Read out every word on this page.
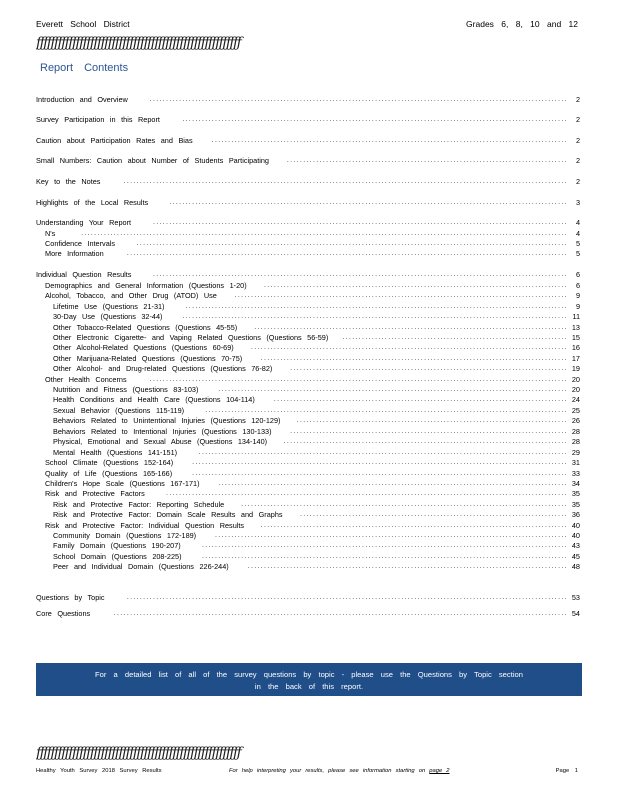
Everett School District	Grades 6, 8, 10 and 12
ƒƒƒƒƒƒƒƒƒƒƒƒƒƒƒƒƒƒƒƒƒƒƒƒƒƒƒƒƒƒƒƒƒƒƒƒƒƒƒƒƒƒƒƒƒƒƒƒƒƒƒƒƒƒƒƒƒ
Report Contents
Introduction and Overview	................................................................................................................................	2
Survey Participation in this Report	......................................................................................................................	2
Caution about Participation Rates and Bias	.............................................................................................................	2
Small Numbers: Caution about Number of Students Participating	......................................................................................	2
Key to the Notes	........................................................................................................................................	2
Highlights of the Local Results	..........................................................................................................................	3
Understanding Your Report	...............................................................................................................................	4
N's	.....................................................................................................................................................	4
Confidence Intervals	....................................................................................................................................	5
More Information	.......................................................................................................................................	5
Individual Question Results	...............................................................................................................................	6
Demographics and General Information (Questions 1-20)	.............................................................................................	6
Alcohol, Tobacco, and Other Drug (ATOD) Use	......................................................................................................	9
Lifetime Use (Questions 21-31)	.....................................................................................................................	9
30-Day Use (Questions 32-44)	...................................................................................................................... 11
Other Tobacco-Related Questions (Questions 45-55)	................................................................................................ 13
Other Electronic Cigarette- and Vaping Related Questions (Questions 56-59)	..................................................................... 15
Other Alcohol-Related Questions (Questions 60-69)	................................................................................................. 16
Other Marijuana-Related Questions (Questions 70-75)	.............................................................................................. 17
Other Alcohol- and Drug-related Questions (Questions 76-82)	..................................................................................... 19
Other Health Concerns	................................................................................................................................ 20
Nutrition and Fitness (Questions 83-103)	........................................................................................................... 20
Health Conditions and Health Care (Questions 104-114)	.......................................................................................... 24
Sexual Behavior (Questions 115-119)	............................................................................................................... 25
Behaviors Related to Unintentional Injuries (Questions 120-129)	................................................................................... 26
Behaviors Related to Intentional Injuries (Questions 130-133)	..................................................................................... 28
Physical, Emotional and Sexual Abuse (Questions 134-140)	....................................................................................... 28
Mental Health (Questions 141-151)	................................................................................................................. 29
School Climate (Questions 152-164)	................................................................................................................... 31
Quality of Life (Questions 165-166)	................................................................................................................... 33
Children's Hope Scale (Questions 167-171)	........................................................................................................... 34
Risk and Protective Factors	........................................................................................................................... 35
Risk and Protective Factor: Reporting Schedule	.................................................................................................... 35
Risk and Protective Factor: Domain Scale Results and Graphs	.................................................................................. 36
Risk and Protective Factor: Individual Question Results	.............................................................................................. 40
Community Domain (Questions 172-189)	............................................................................................................ 40
Family Domain (Questions 190-207)	................................................................................................................ 43
School Domain (Questions 208-225)	................................................................................................................ 45
Peer and Individual Domain (Questions 226-244)	.................................................................................................. 48
Questions by Topic	....................................................................................................................................... 53
Core Questions	........................................................................................................................................... 54
For a detailed list of all of the survey questions by topic - please use the Questions by Topic section
in the back of this report.
ƒƒƒƒƒƒƒƒƒƒƒƒƒƒƒƒƒƒƒƒƒƒƒƒƒƒƒƒƒƒƒƒƒƒƒƒƒƒƒƒƒƒƒƒƒƒƒƒƒƒƒƒƒƒƒƒƒ
Healthy Youth Survey 2018 Survey Results	For help interpreting your results, please see information starting on page 2	Page 1
